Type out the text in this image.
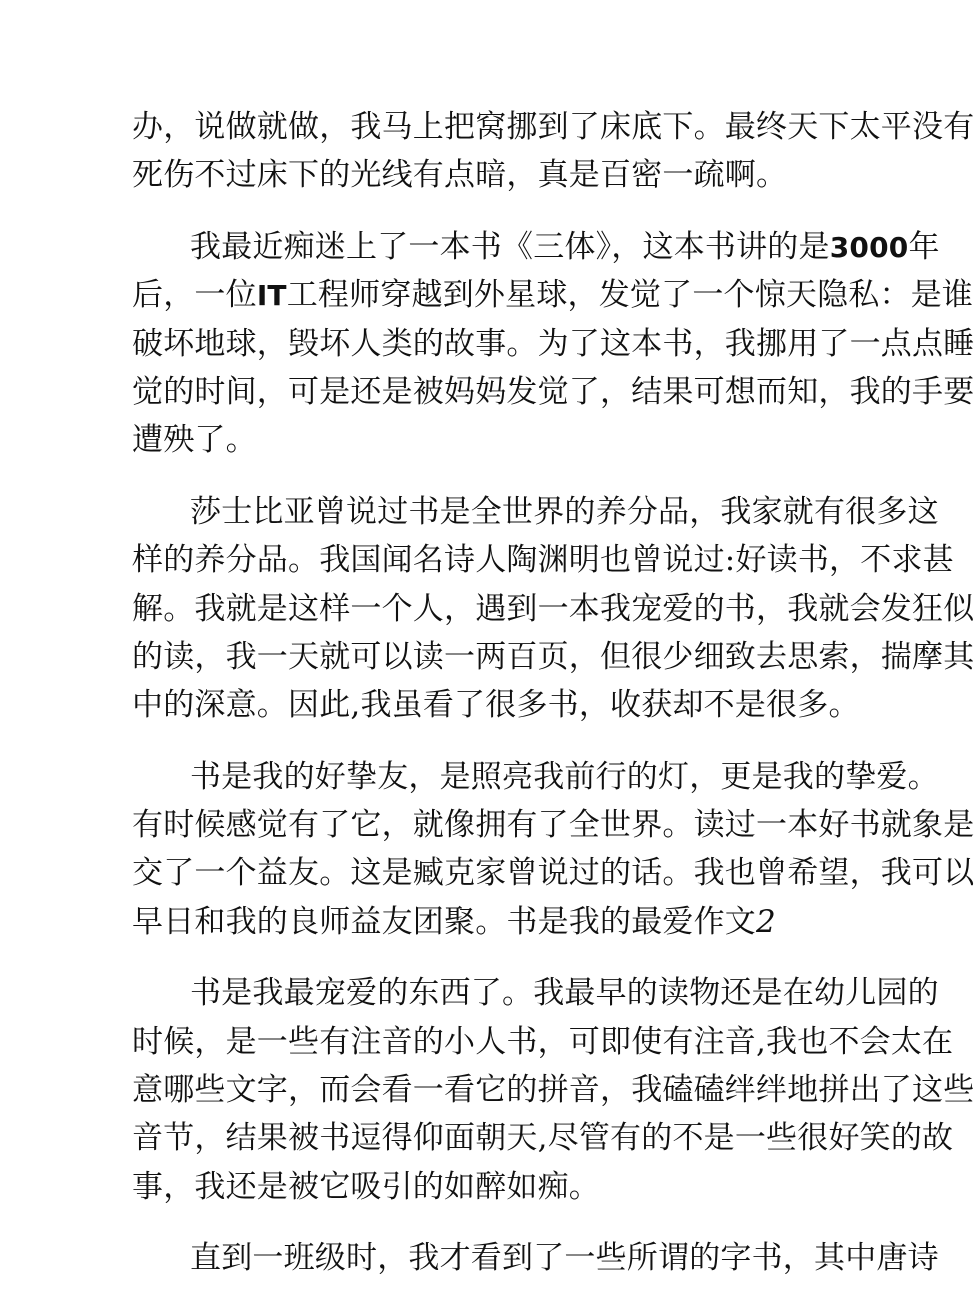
办，说做就做，我马上把窝挪到了床底下。最终天下太平没有
死伤不过床下的光线有点暗，真是百密一疏啊。
我最近痴迷上了一本书《三体》，这本书讲的是3000年
后，一位IT工程师穿越到外星球，发觉了一个惊天隐私：是谁
破坏地球，毁坏人类的故事。为了这本书，我挪用了一点点睡
觉的时间，可是还是被妈妈发觉了，结果可想而知，我的手要
遭殃了。
莎士比亚曾说过书是全世界的养分品，我家就有很多这
样的养分品。我国闻名诗人陶渊明也曾说过:好读书，不求甚
解。我就是这样一个人，遇到一本我宠爱的书，我就会发狂似
的读，我一天就可以读一两百页，但很少细致去思索，揣摩其
中的深意。因此,我虽看了很多书，收获却不是很多。
书是我的好挚友，是照亮我前行的灯，更是我的挚爱。
有时候感觉有了它，就像拥有了全世界。读过一本好书就象是
交了一个益友。这是臧克家曾说过的话。我也曾希望，我可以
早日和我的良师益友团聚。书是我的最爱作文2
书是我最宠爱的东西了。我最早的读物还是在幼儿园的
时候，是一些有注音的小人书，可即使有注音,我也不会太在
意哪些文字，而会看一看它的拼音，我磕磕绊绊地拼出了这些
音节，结果被书逗得仰面朝天,尽管有的不是一些很好笑的故
事，我还是被它吸引的如醉如痴。
直到一班级时，我才看到了一些所谓的字书，其中唐诗
